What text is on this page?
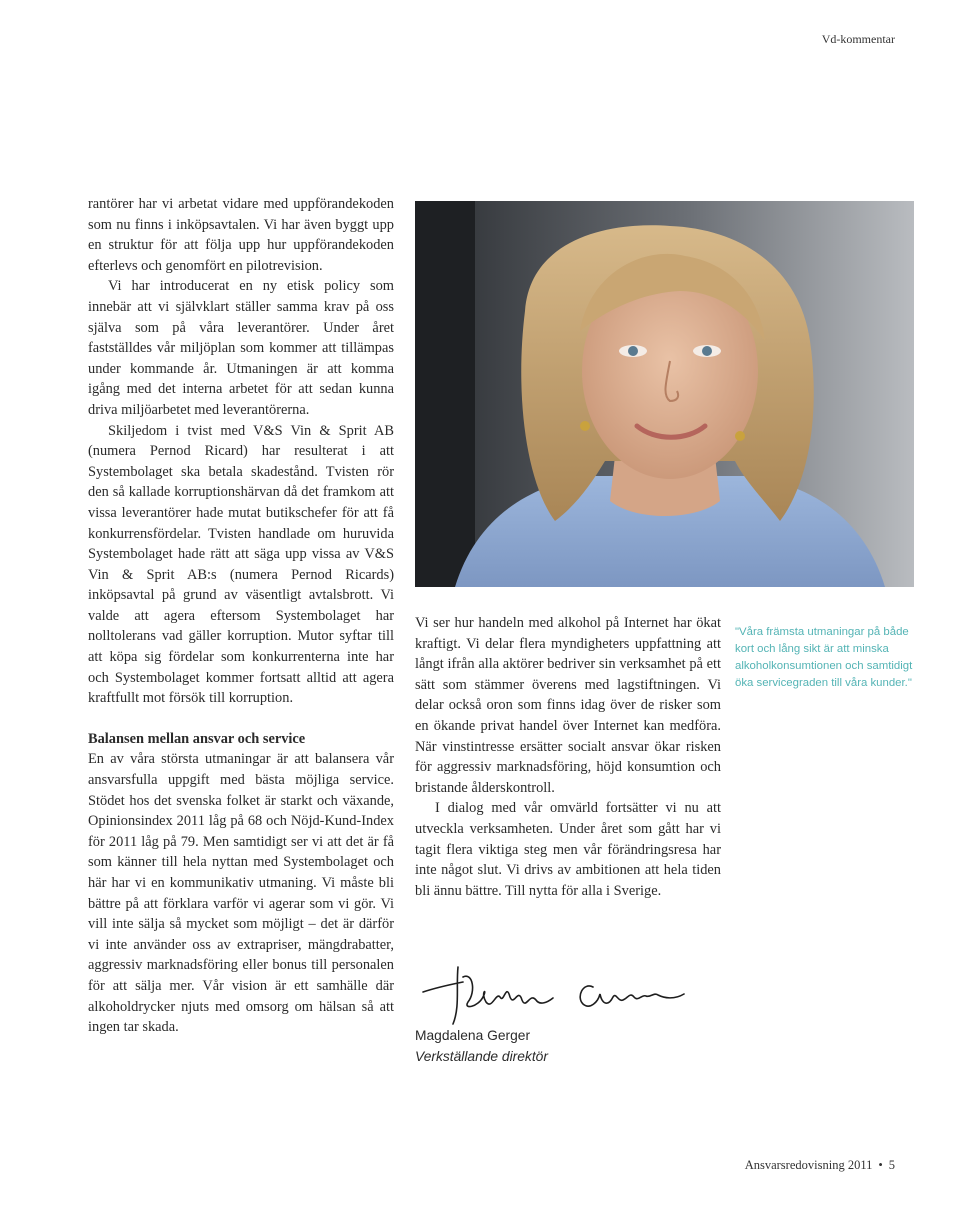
Vd-kommentar

rantörer har vi arbetat vidare med uppförandekoden som nu finns i inköpsavtalen. Vi har även byggt upp en struktur för att följa upp hur uppförandekoden efterlevs och genomfört en pilotrevision.

Vi har introducerat en ny etisk policy som innebär att vi självklart ställer samma krav på oss själva som på våra leverantörer. Under året fastställdes vår miljöplan som kommer att tillämpas under kommande år. Utmaningen är att komma igång med det interna arbetet för att sedan kunna driva miljöarbetet med leverantörerna.

Skiljedom i tvist med V&S Vin & Sprit AB (numera Pernod Ricard) har resulterat i att Systembolaget ska betala skadestånd. Tvisten rör den så kallade korruptionshärvan då det framkom att vissa leverantörer hade mutat butikschefer för att få konkurrensfördelar. Tvisten handlade om huruvida Systembolaget hade rätt att säga upp vissa av V&S Vin & Sprit AB:s (numera Pernod Ricards) inköpsavtal på grund av väsentligt avtalsbrott. Vi valde att agera eftersom Systembolaget har nolltolerans vad gäller korruption. Mutor syftar till att köpa sig fördelar som konkurrenterna inte har och Systembolaget kommer fortsatt alltid att agera kraftfullt mot försök till korruption.

Balansen mellan ansvar och service

En av våra största utmaningar är att balansera vår ansvarsfulla uppgift med bästa möjliga service. Stödet hos det svenska folket är starkt och växande, Opinionsindex 2011 låg på 68 och Nöjd-Kund-Index för 2011 låg på 79. Men samtidigt ser vi att det är få som känner till hela nyttan med Systembolaget och här har vi en kommunikativ utmaning. Vi måste bli bättre på att förklara varför vi agerar som vi gör. Vi vill inte sälja så mycket som möjligt – det är därför vi inte använder oss av extrapriser, mängdrabatter, aggressiv marknadsföring eller bonus till personalen för att sälja mer. Vår vision är ett samhälle där alkoholdrycker njuts med omsorg om hälsan så att ingen tar skada.

Vi ser hur handeln med alkohol på Internet har ökat kraftigt. Vi delar flera myndigheters uppfattning att långt ifrån alla aktörer bedriver sin verksamhet på ett sätt som stämmer överens med lagstiftningen. Vi delar också oron som finns idag över de risker som en ökande privat handel över Internet kan medföra. När vinstintresse ersätter socialt ansvar ökar risken för aggressiv marknadsföring, höjd konsumtion och bristande ålderskontroll.

I dialog med vår omvärld fortsätter vi nu att utveckla verksamheten. Under året som gått har vi tagit flera viktiga steg men vår förändringsresa har inte något slut. Vi drivs av ambitionen att hela tiden bli ännu bättre. Till nytta för alla i Sverige.

"Våra främsta utmaningar på både kort och lång sikt är att minska alkoholkonsumtionen och samtidigt öka servicegraden till våra kunder."
Magdalena Gerger
Verkställande direktör
Ansvarsredovisning 2011 • 5
